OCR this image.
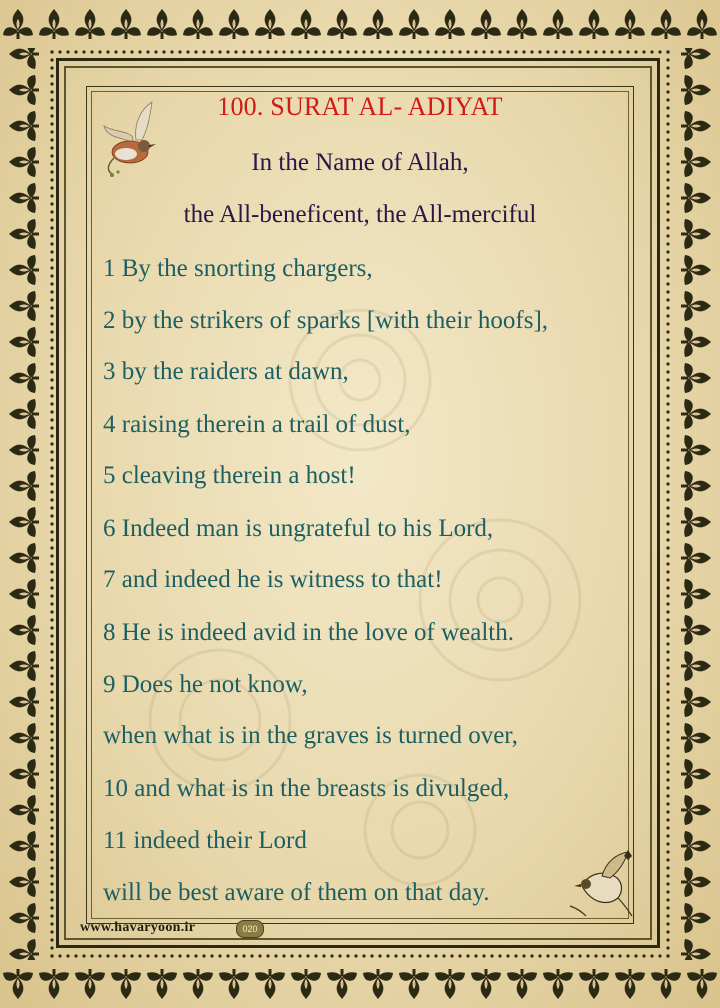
100. SURAT AL- ADIYAT
In the Name of Allah,
the All-beneficent, the All-merciful
1 By the snorting chargers,
2 by the strikers of sparks [with their hoofs],
3 by the raiders at dawn,
4 raising therein a trail of dust,
5 cleaving therein a host!
6 Indeed man is ungrateful to his Lord,
7 and indeed he is witness to that!
8 He is indeed avid in the love of wealth.
9 Does he not know,
when what is in the graves is turned over,
10 and what is in the breasts is divulged,
11 indeed their Lord
will be best aware of them on that day.
www.havaryoon.ir	020
